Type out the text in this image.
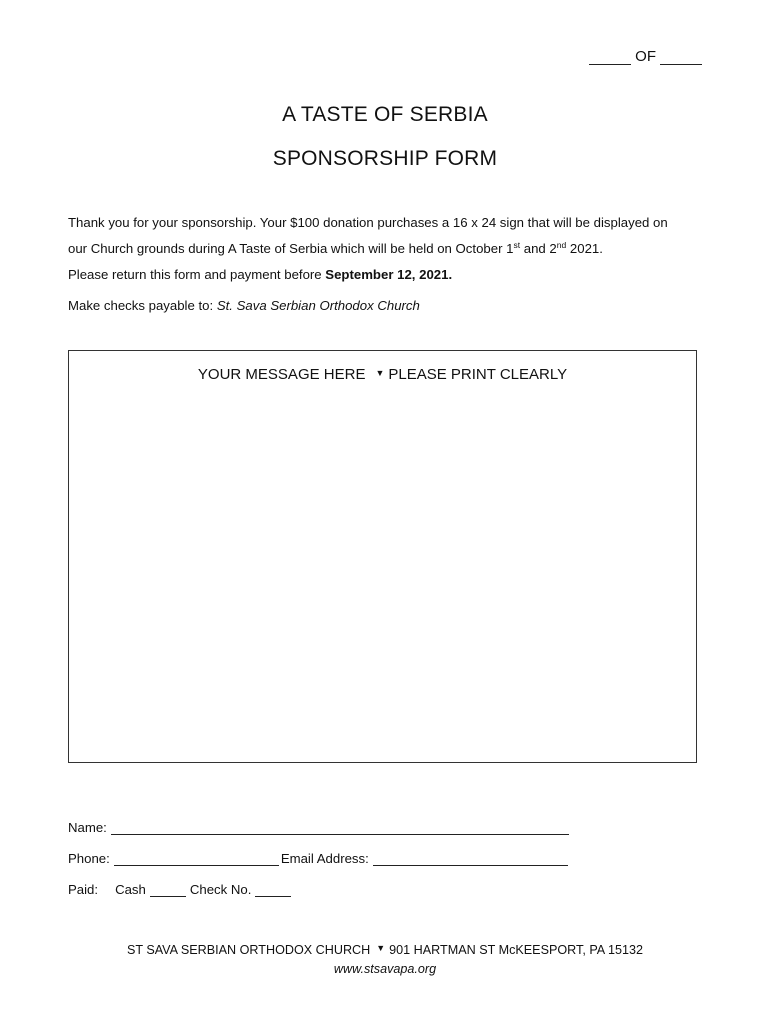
OF
A TASTE OF SERBIA
SPONSORSHIP FORM
Thank you for your sponsorship. Your $100 donation purchases a 16 x 24 sign that will be displayed on
our Church grounds during A Taste of Serbia which will be held on October 1st and 2nd 2021.
Please return this form and payment before September 12, 2021.
Make checks payable to: St. Sava Serbian Orthodox Church
YOUR MESSAGE HERE ▼ PLEASE PRINT CLEARLY
Name:
Phone:	Email Address:
Paid: Cash	Check No.
ST SAVA SERBIAN ORTHODOX CHURCH ▼ 901 HARTMAN ST McKEESPORT, PA 15132
www.stsavapa.org
